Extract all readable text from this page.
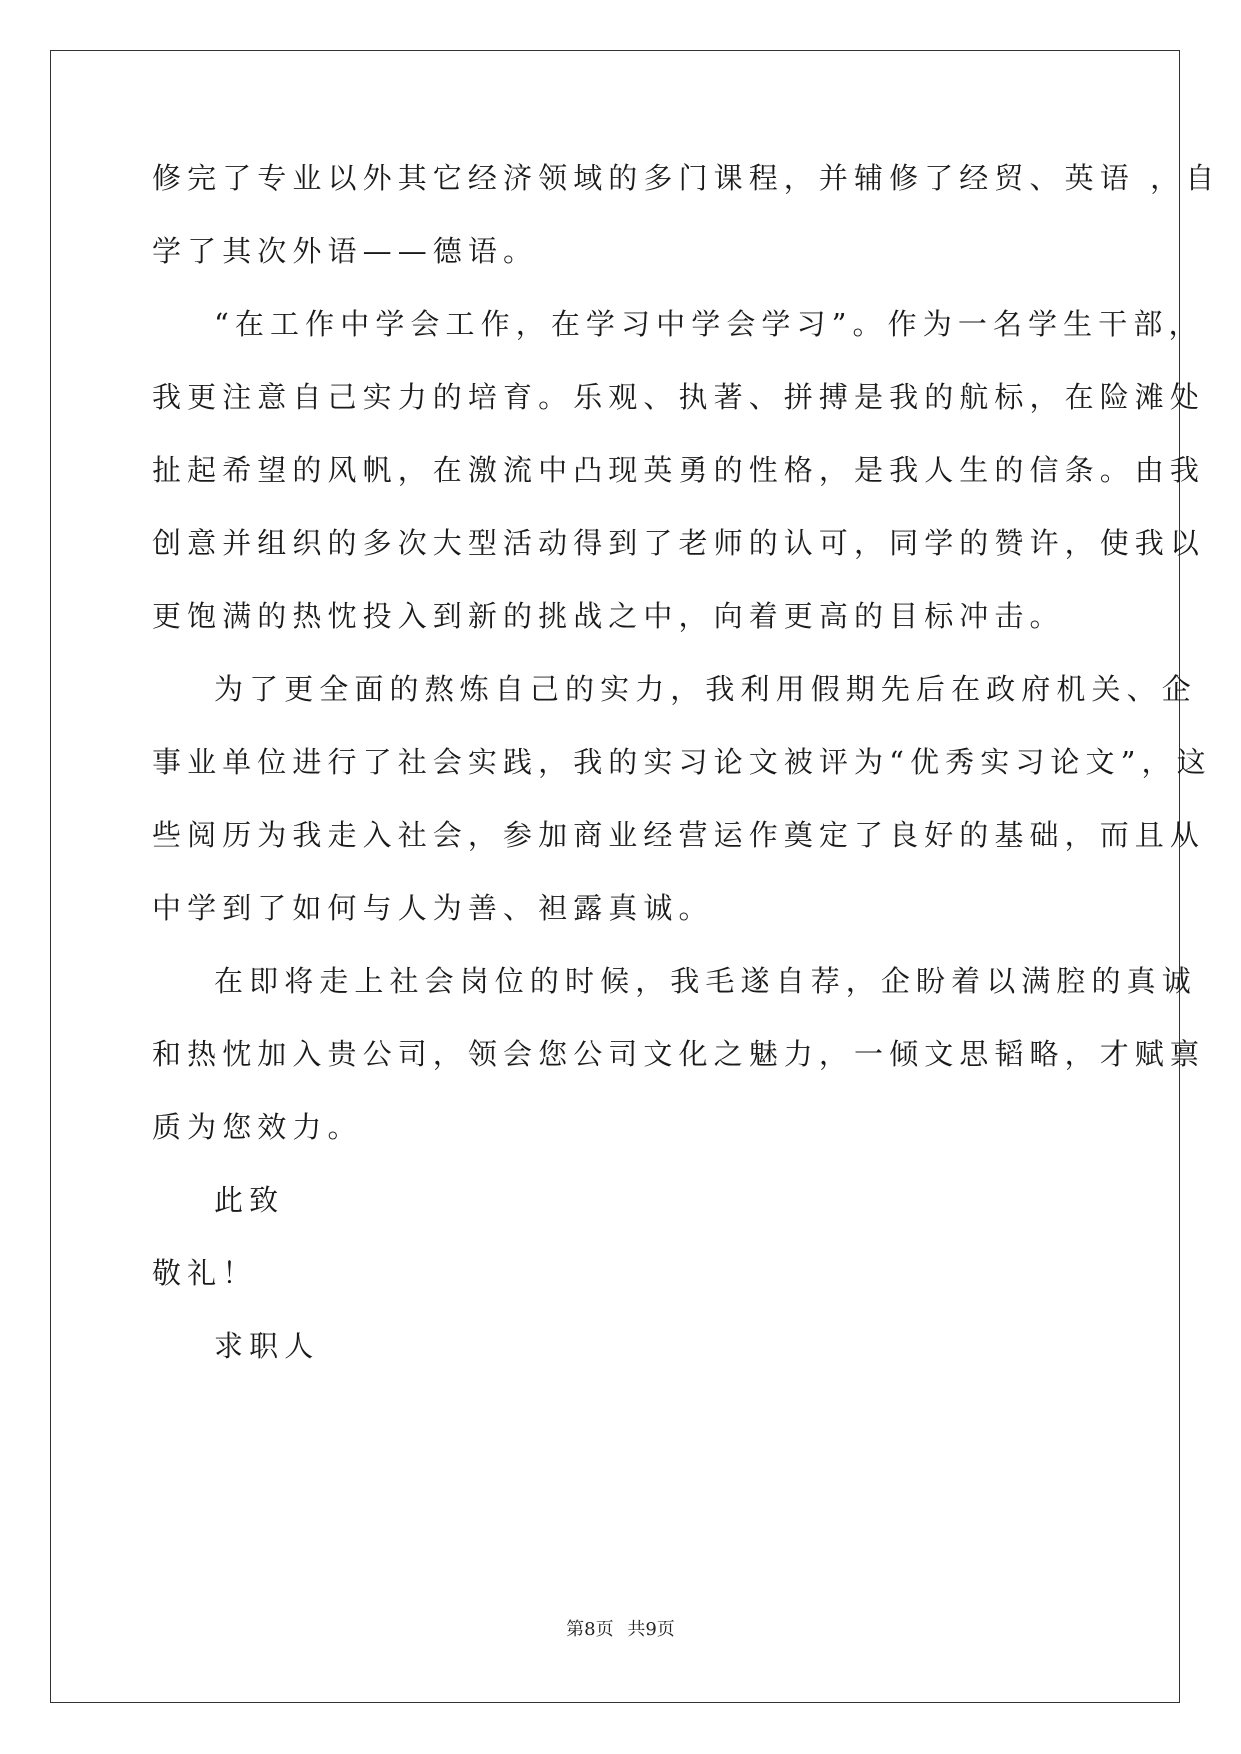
修完了专业以外其它经济领域的多门课程，并辅修了经贸、英语 ，自
学了其次外语——德语。
“在工作中学会工作，在学习中学会学习”。作为一名学生干部，
我更注意自己实力的培育。乐观、执著、拼搏是我的航标，在险滩处
扯起希望的风帆，在激流中凸现英勇的性格，是我人生的信条。由我
创意并组织的多次大型活动得到了老师的认可，同学的赞许，使我以
更饱满的热忱投入到新的挑战之中，向着更高的目标冲击。
为了更全面的熬炼自己的实力，我利用假期先后在政府机关、企
事业单位进行了社会实践，我的实习论文被评为“优秀实习论文”，这
些阅历为我走入社会，参加商业经营运作奠定了良好的基础，而且从
中学到了如何与人为善、袒露真诚。
在即将走上社会岗位的时候，我毛遂自荐，企盼着以满腔的真诚
和热忱加入贵公司，领会您公司文化之魅力，一倾文思韬略，才赋禀
质为您效力。
此致
敬礼！
求职人
第8页 共9页
